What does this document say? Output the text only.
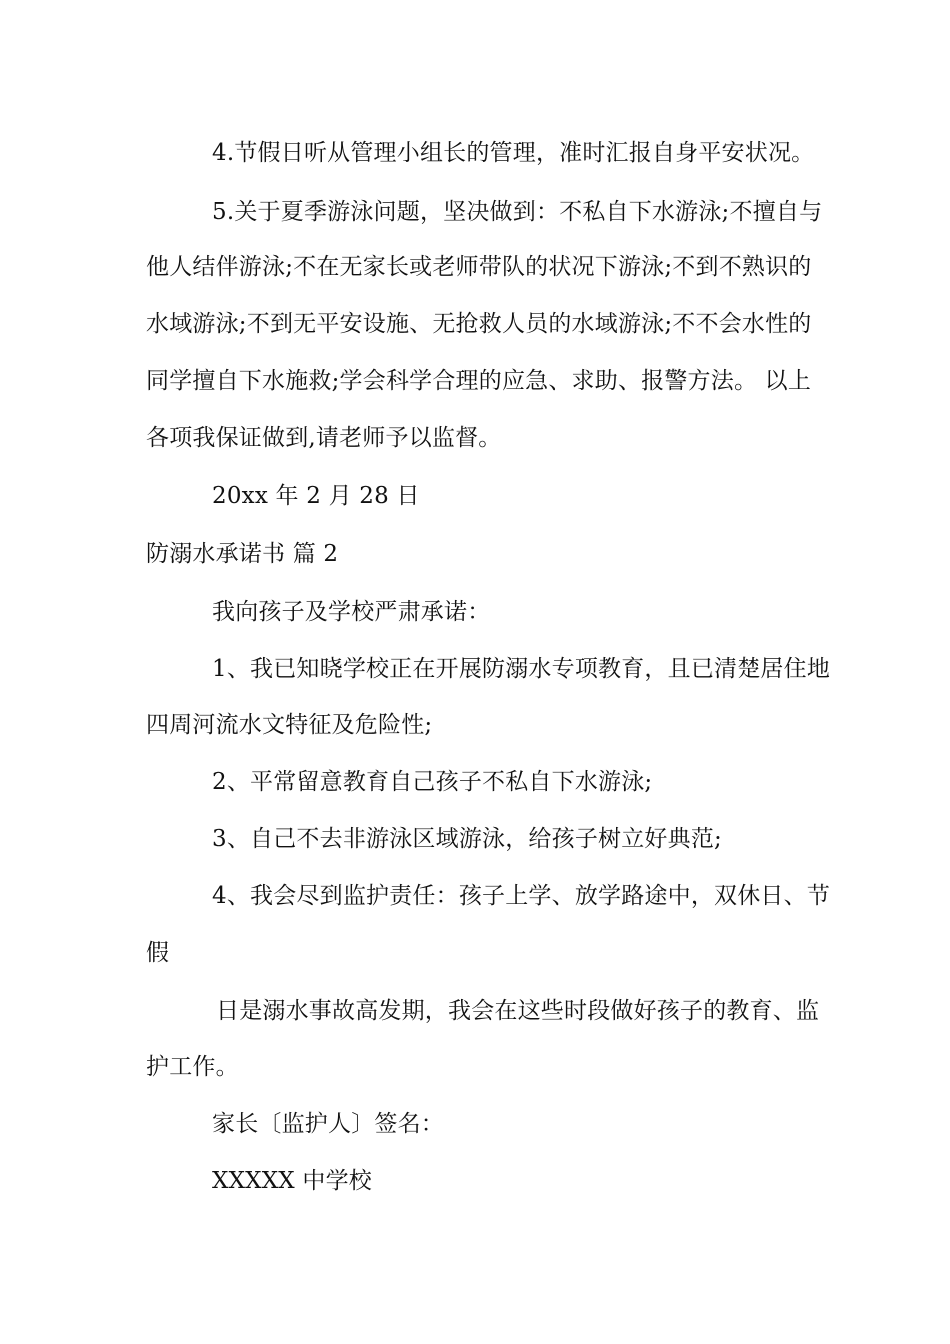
4.节假日听从管理小组长的管理，准时汇报自身平安状况。
5.关于夏季游泳问题，坚决做到：不私自下水游泳;不擅自与
他人结伴游泳;不在无家长或老师带队的状况下游泳;不到不熟识的
水域游泳;不到无平安设施、无抢救人员的水域游泳;不不会水性的
同学擅自下水施救;学会科学合理的应急、求助、报警方法。 以上
各项我保证做到,请老师予以监督。
20xx 年 2 月 28 日
防溺水承诺书 篇 2
我向孩子及学校严肃承诺：
1、我已知晓学校正在开展防溺水专项教育，且已清楚居住地
四周河流水文特征及危险性;
2、平常留意教育自己孩子不私自下水游泳;
3、自己不去非游泳区域游泳，给孩子树立好典范;
4、我会尽到监护责任：孩子上学、放学路途中，双休日、节
假
日是溺水事故高发期，我会在这些时段做好孩子的教育、监
护工作。
家长〔监护人〕签名：
XXXXX 中学校
